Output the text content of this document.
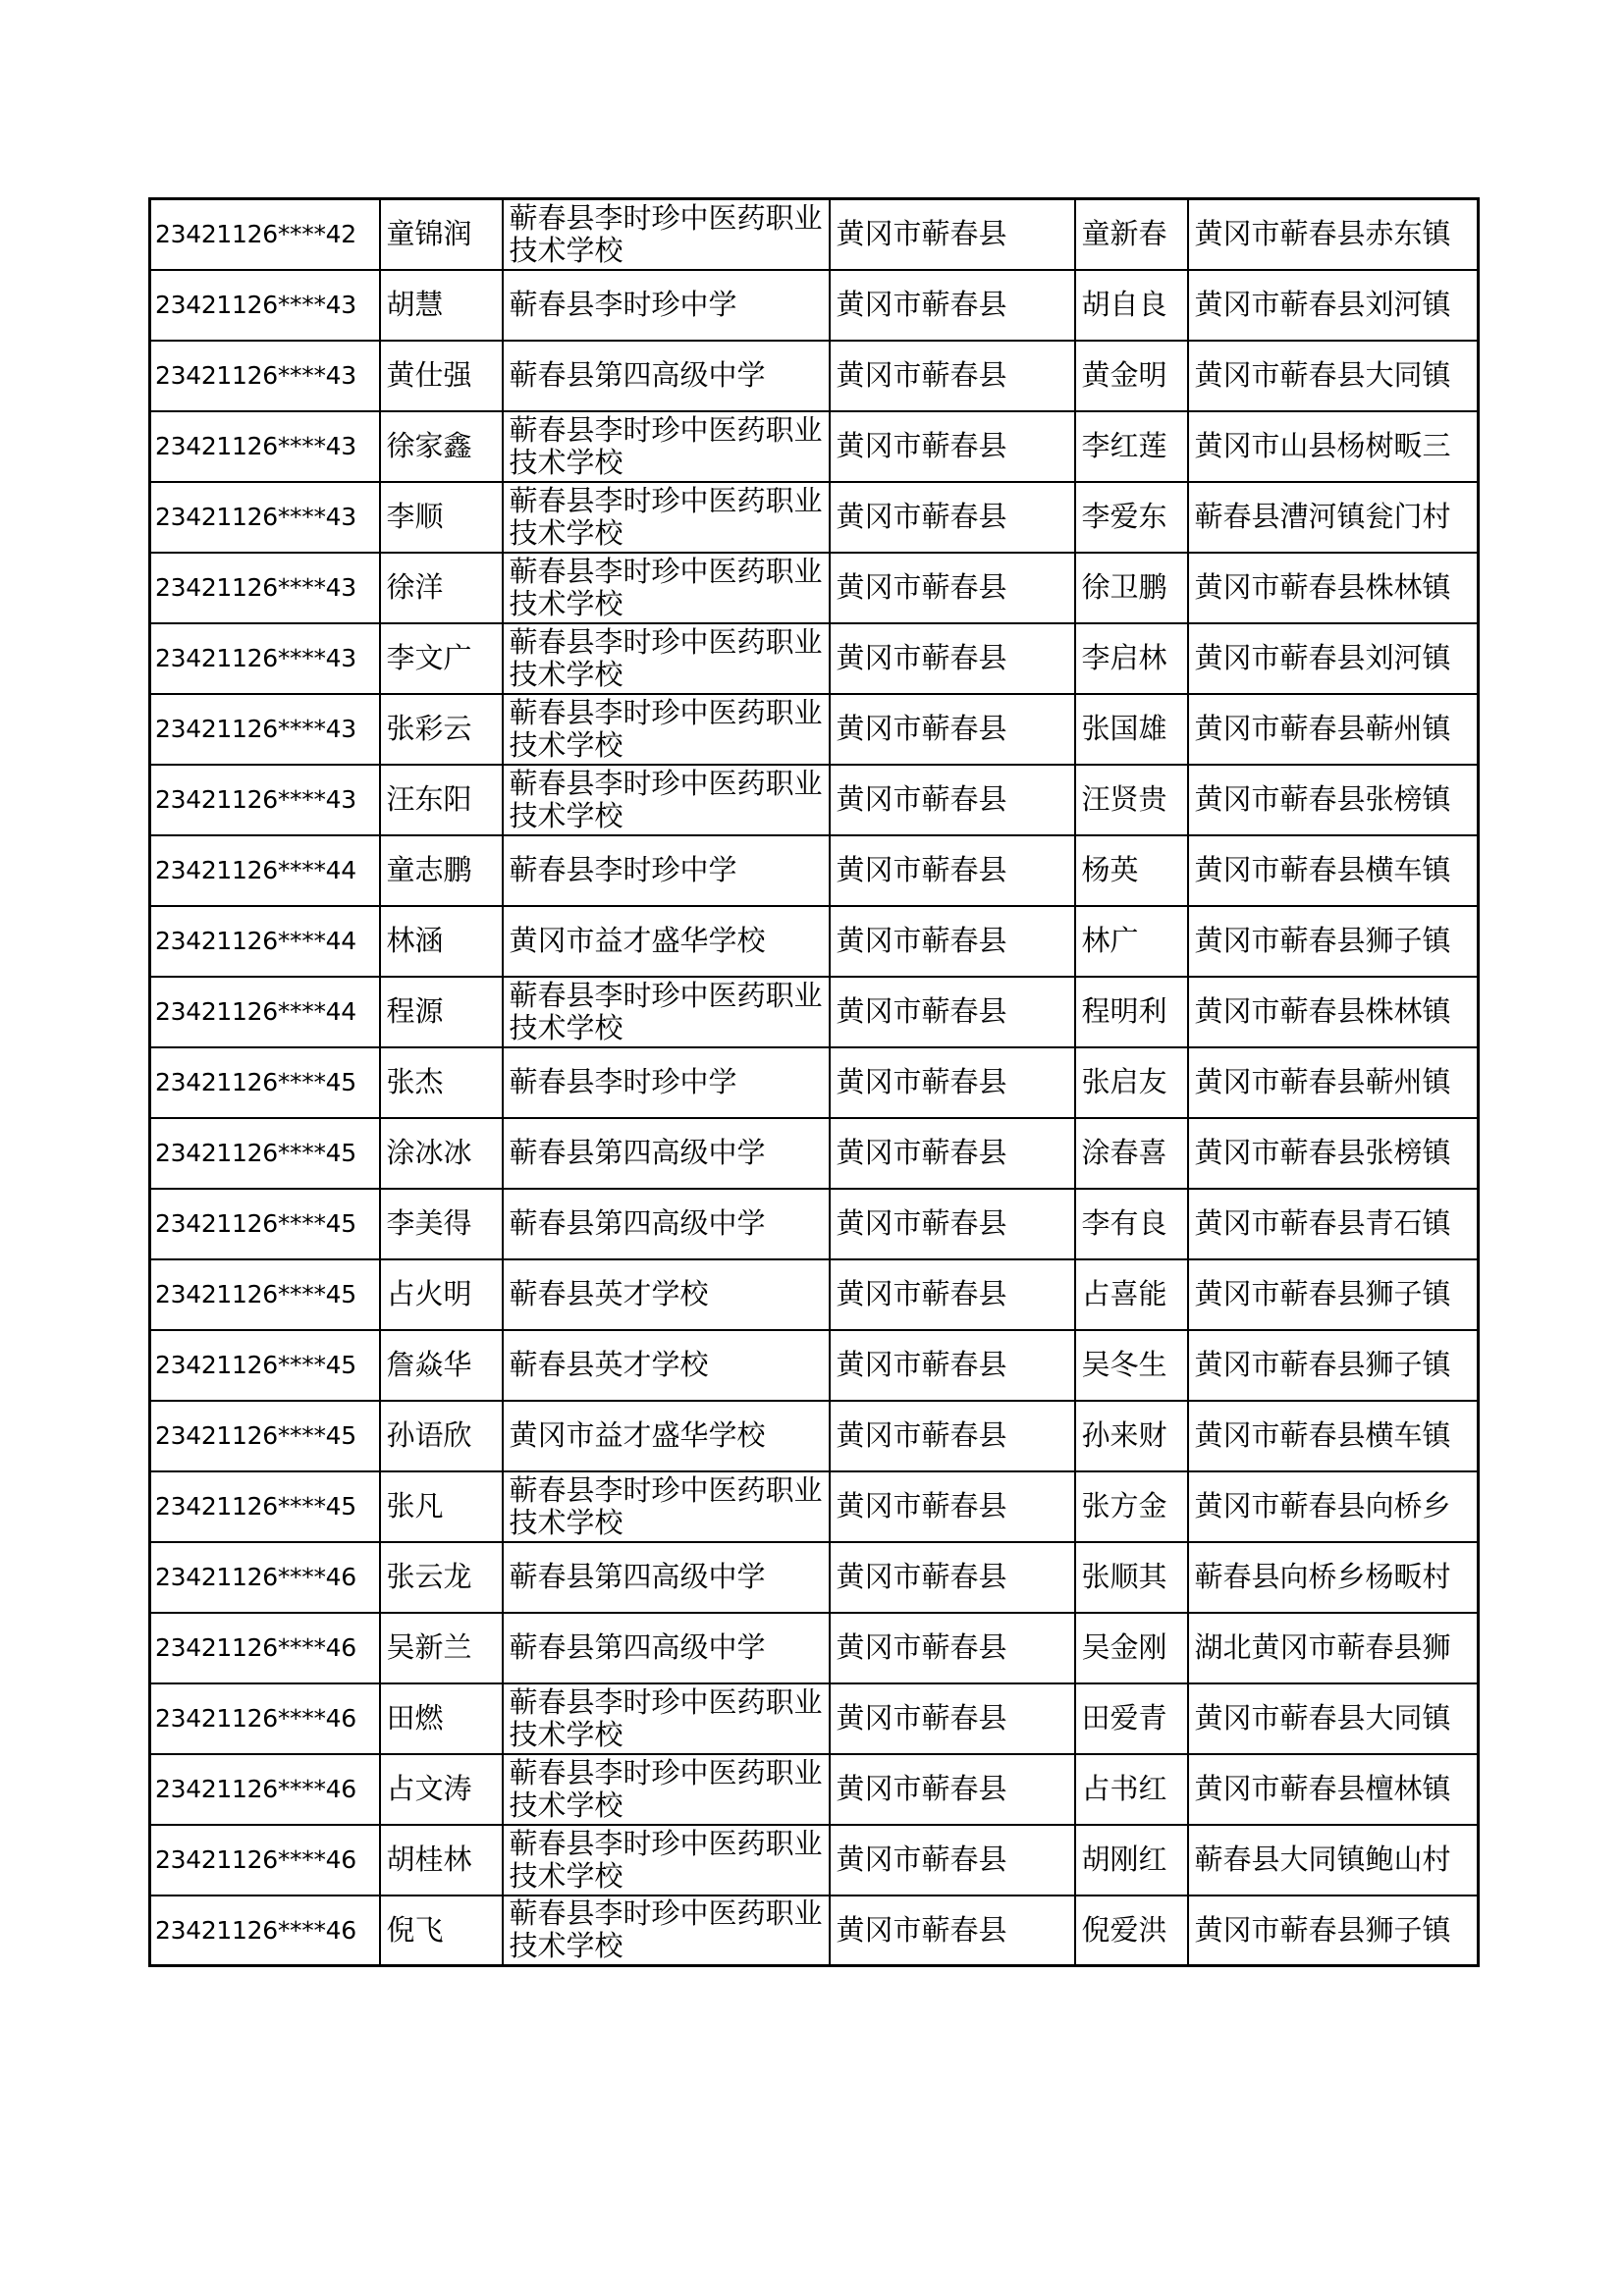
23421126****42	童锦润	蕲春县李时珍中医药职业技术学校	黄冈市蕲春县	童新春	黄冈市蕲春县赤东镇
23421126****43	胡慧	蕲春县李时珍中学	黄冈市蕲春县	胡自良	黄冈市蕲春县刘河镇
23421126****43	黄仕强	蕲春县第四高级中学	黄冈市蕲春县	黄金明	黄冈市蕲春县大同镇
23421126****43	徐家鑫	蕲春县李时珍中医药职业技术学校	黄冈市蕲春县	李红莲	黄冈市山县杨树畈三
23421126****43	李顺	蕲春县李时珍中医药职业技术学校	黄冈市蕲春县	李爱东	蕲春县漕河镇瓮门村
23421126****43	徐洋	蕲春县李时珍中医药职业技术学校	黄冈市蕲春县	徐卫鹏	黄冈市蕲春县株林镇
23421126****43	李文广	蕲春县李时珍中医药职业技术学校	黄冈市蕲春县	李启林	黄冈市蕲春县刘河镇
23421126****43	张彩云	蕲春县李时珍中医药职业技术学校	黄冈市蕲春县	张国雄	黄冈市蕲春县蕲州镇
23421126****43	汪东阳	蕲春县李时珍中医药职业技术学校	黄冈市蕲春县	汪贤贵	黄冈市蕲春县张榜镇
23421126****44	童志鹏	蕲春县李时珍中学	黄冈市蕲春县	杨英	黄冈市蕲春县横车镇
23421126****44	林涵	黄冈市益才盛华学校	黄冈市蕲春县	林广	黄冈市蕲春县狮子镇
23421126****44	程源	蕲春县李时珍中医药职业技术学校	黄冈市蕲春县	程明利	黄冈市蕲春县株林镇
23421126****45	张杰	蕲春县李时珍中学	黄冈市蕲春县	张启友	黄冈市蕲春县蕲州镇
23421126****45	涂冰冰	蕲春县第四高级中学	黄冈市蕲春县	涂春喜	黄冈市蕲春县张榜镇
23421126****45	李美得	蕲春县第四高级中学	黄冈市蕲春县	李有良	黄冈市蕲春县青石镇
23421126****45	占火明	蕲春县英才学校	黄冈市蕲春县	占喜能	黄冈市蕲春县狮子镇
23421126****45	詹焱华	蕲春县英才学校	黄冈市蕲春县	吴冬生	黄冈市蕲春县狮子镇
23421126****45	孙语欣	黄冈市益才盛华学校	黄冈市蕲春县	孙来财	黄冈市蕲春县横车镇
23421126****45	张凡	蕲春县李时珍中医药职业技术学校	黄冈市蕲春县	张方金	黄冈市蕲春县向桥乡
23421126****46	张云龙	蕲春县第四高级中学	黄冈市蕲春县	张顺其	蕲春县向桥乡杨畈村
23421126****46	吴新兰	蕲春县第四高级中学	黄冈市蕲春县	吴金刚	湖北黄冈市蕲春县狮
23421126****46	田燃	蕲春县李时珍中医药职业技术学校	黄冈市蕲春县	田爱青	黄冈市蕲春县大同镇
23421126****46	占文涛	蕲春县李时珍中医药职业技术学校	黄冈市蕲春县	占书红	黄冈市蕲春县檀林镇
23421126****46	胡桂林	蕲春县李时珍中医药职业技术学校	黄冈市蕲春县	胡刚红	蕲春县大同镇鲍山村
23421126****46	倪飞	蕲春县李时珍中医药职业技术学校	黄冈市蕲春县	倪爱洪	黄冈市蕲春县狮子镇
